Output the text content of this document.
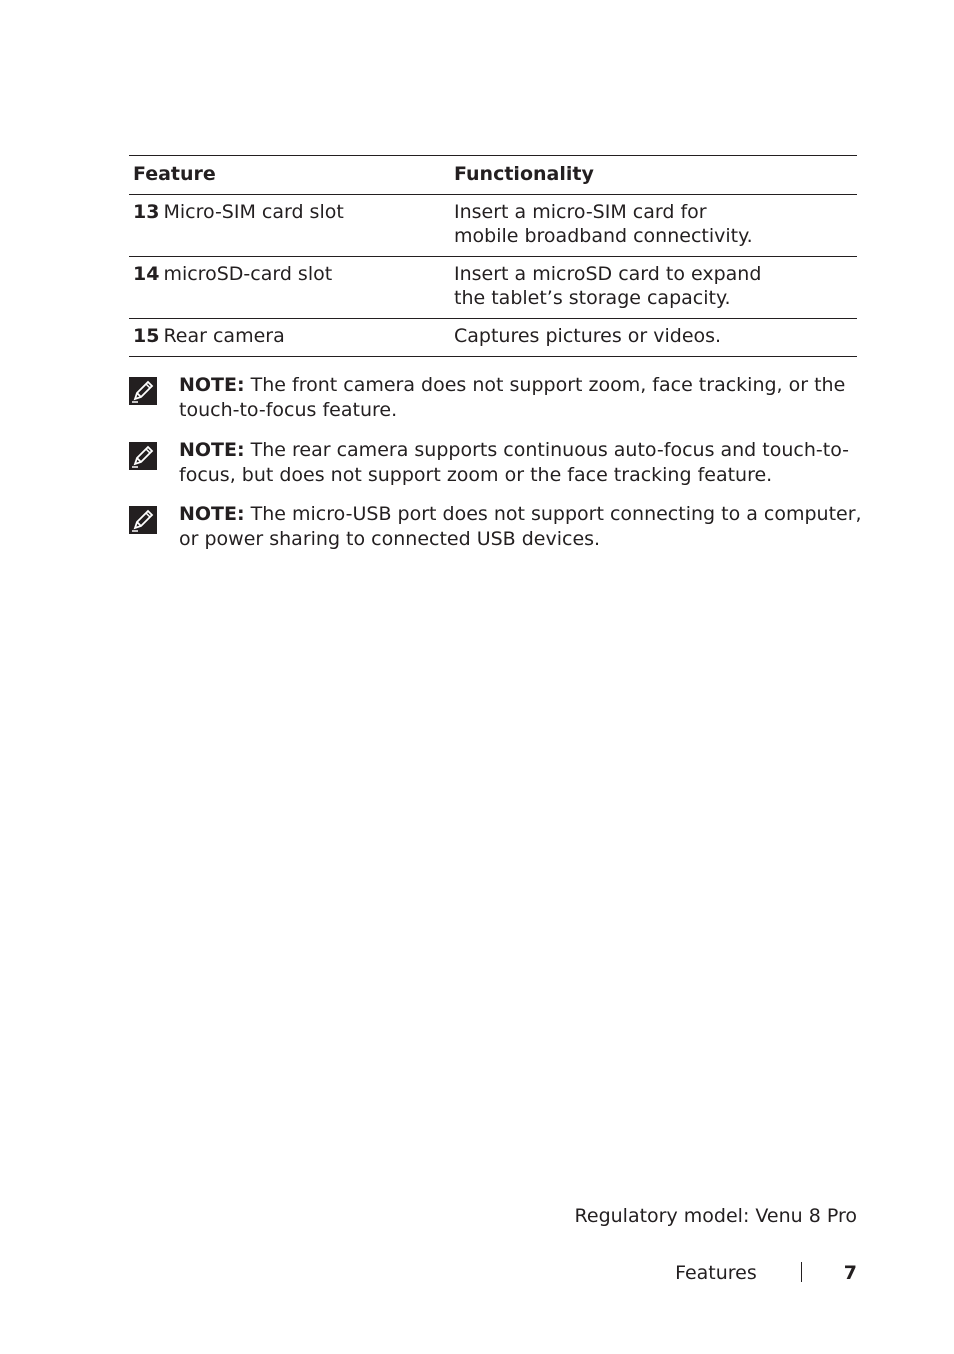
Feature	Functionality
13 Micro-SIM card slot	Insert a micro-SIM card for mobile broadband connectivity.
14 microSD-card slot	Insert a microSD card to expand the tablet’s storage capacity.
15 Rear camera	Captures pictures or videos.
NOTE: The front camera does not support zoom, face tracking, or the touch-to-focus feature.
NOTE: The rear camera supports continuous auto-focus and touch-to-focus, but does not support zoom or the face tracking feature.
NOTE: The micro-USB port does not support connecting to a computer, or power sharing to connected USB devices.
Regulatory model: Venu 8 Pro
Features	7
